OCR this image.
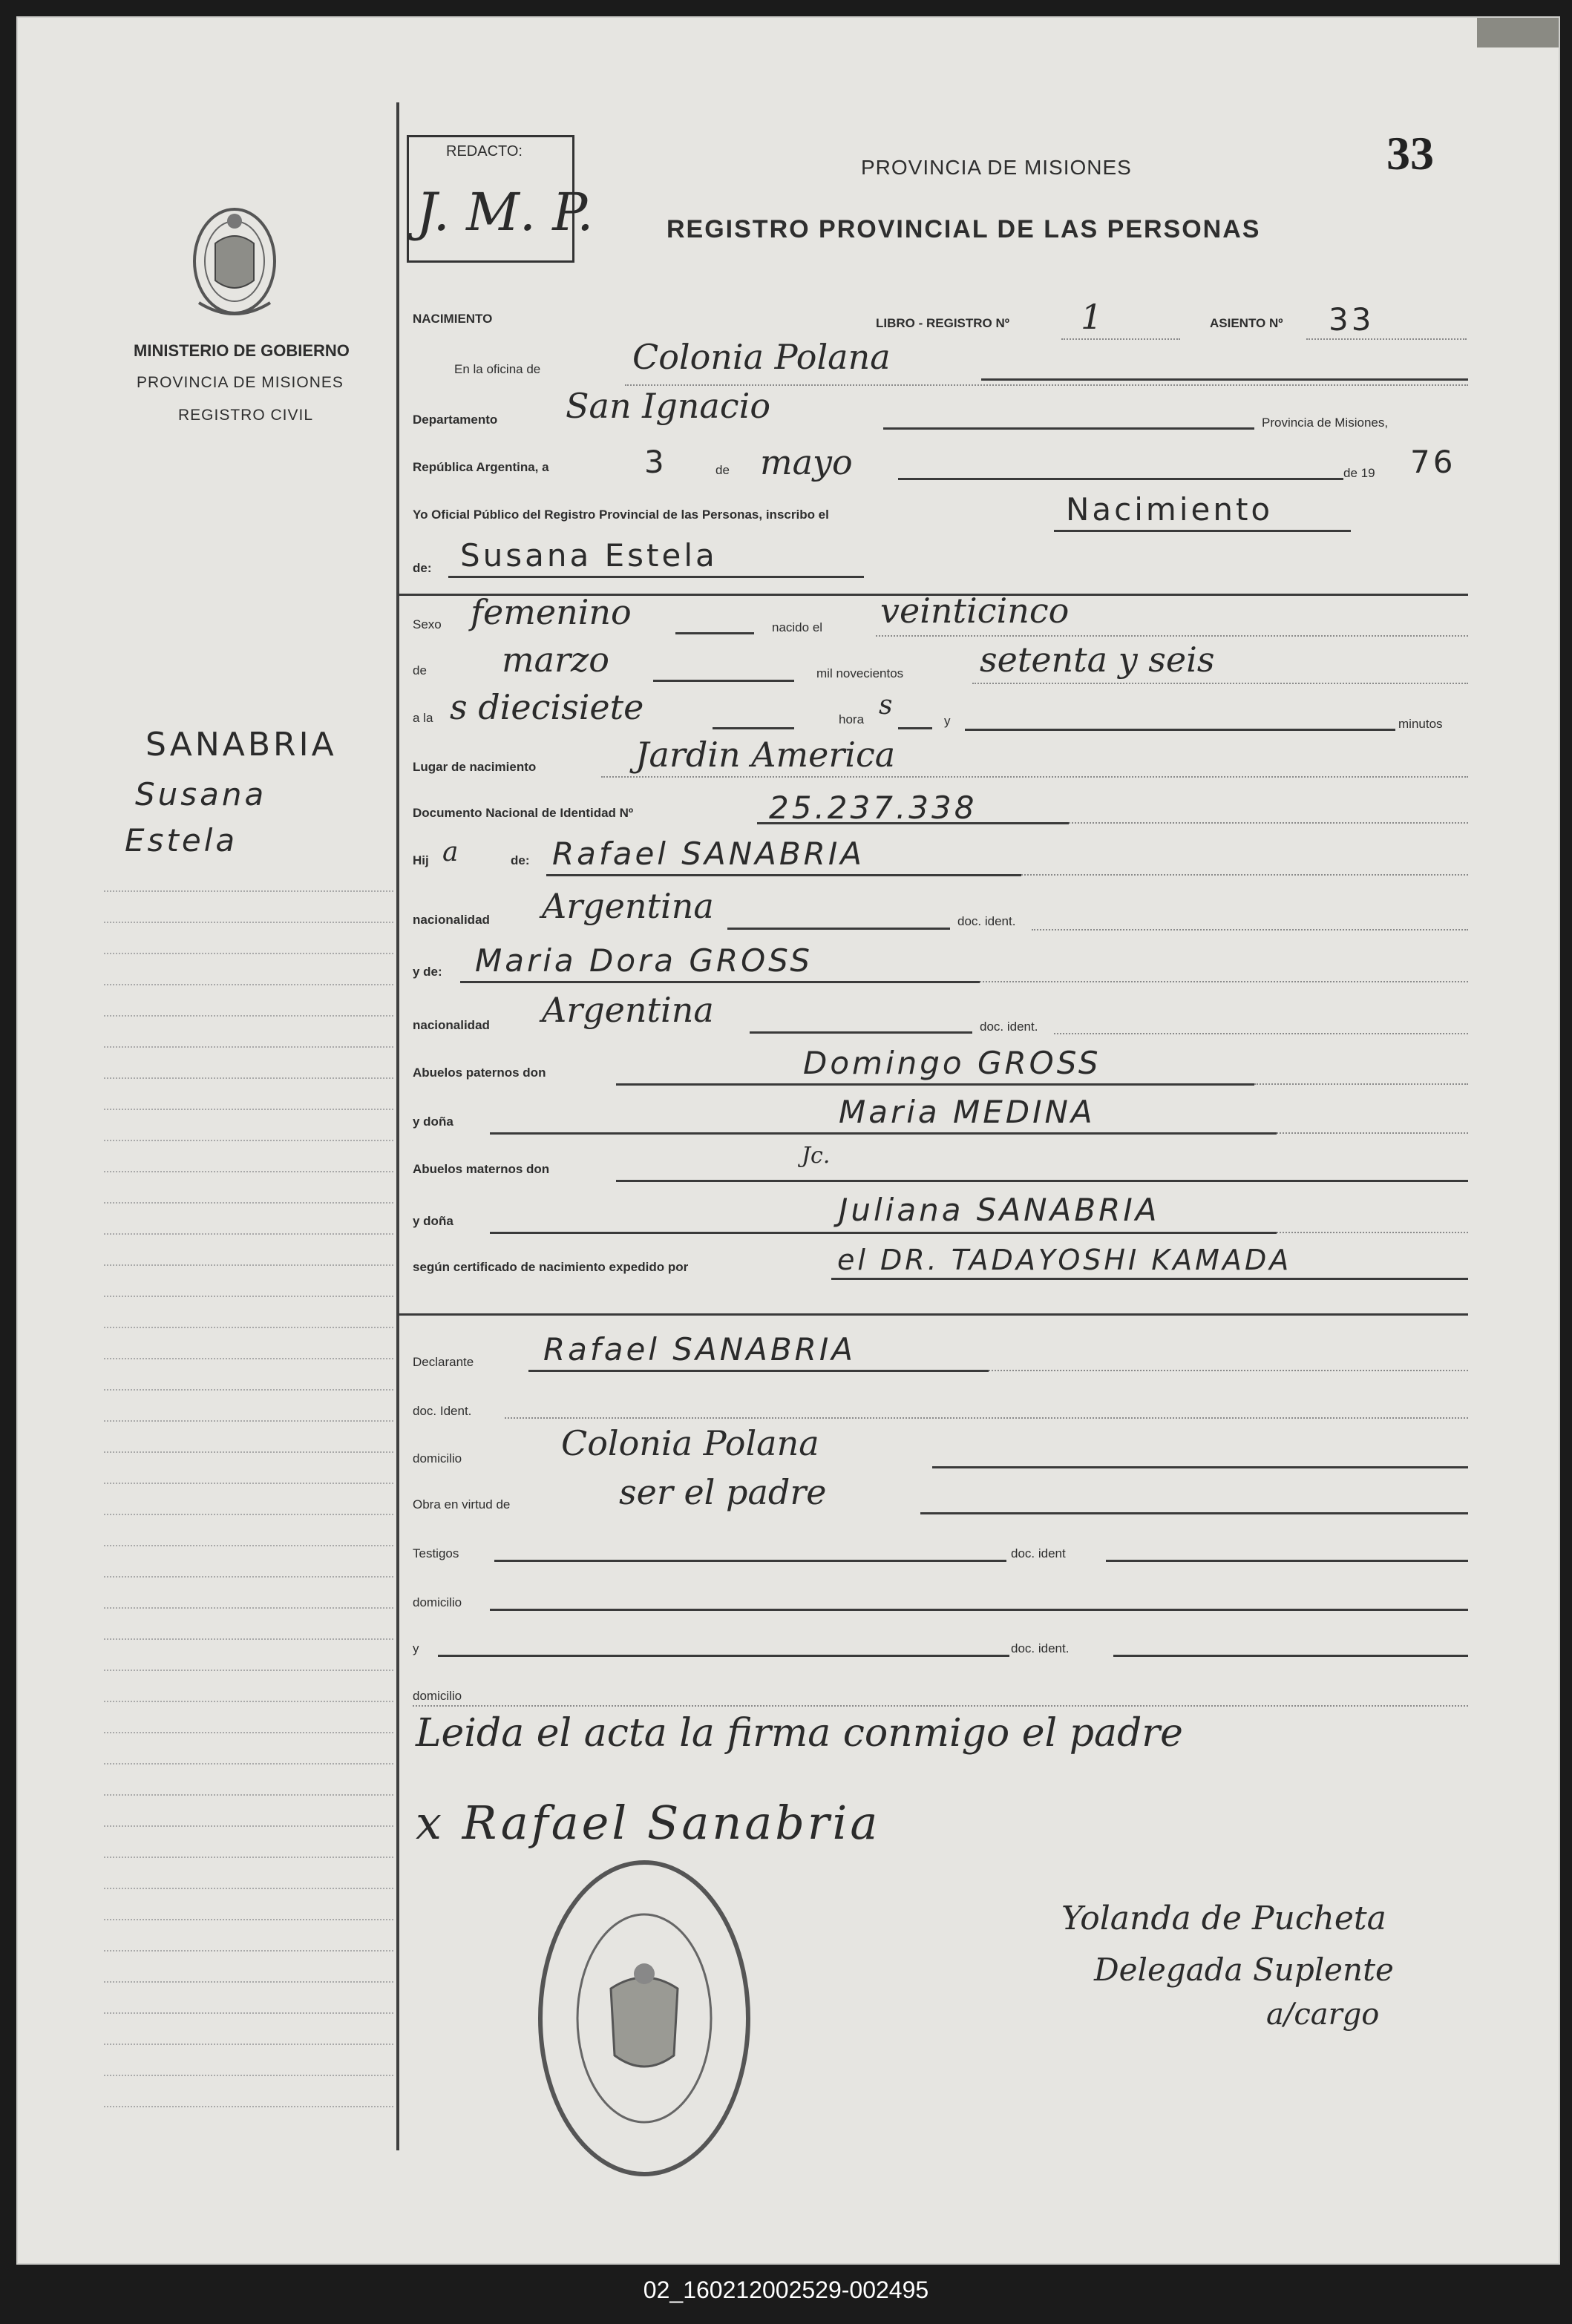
MINISTERIO DE GOBIERNO
PROVINCIA DE MISIONES
REGISTRO CIVIL
SANABRIA
Susana
Estela
REDACTO:
J. M. P.
PROVINCIA DE MISIONES
REGISTRO PROVINCIAL DE LAS PERSONAS
33
NACIMIENTO	LIBRO - REGISTRO Nº 1	ASIENTO Nº 33
En la oficina de	Colonia Polana
Departamento San Ignacio	Provincia de Misiones,
República Argentina, a	3	de mayo	de 19 76
Yo Oficial Público del Registro Provincial de las Personas, inscribo el	Nacimiento
de: Susana Estela
Sexo femenino	nacido el veinticinco
de marzo	mil novecientos setenta y seis
a la s diecisiete	hora s
y	minutos
Lugar de nacimiento	Jardin America
Documento Nacional de Identidad Nº	25.237.338
Hij a	de: Rafael SANABRIA
nacionalidad Argentina	doc. ident.
y de: Maria Dora GROSS
nacionalidad Argentina	doc. ident.
Abuelos paternos don	Domingo GROSS
y doña	Maria MEDINA
Abuelos maternos don
Jc.
y doña	Juliana SANABRIA
según certificado de nacimiento expedido por	el DR. TADAYOSHI KAMADA
Declarante Rafael SANABRIA
doc. Ident.
domicilio	Colonia Polana
Obra en virtud de	ser el padre
Testigos	doc. ident
domicilio
y	doc. ident.
domicilio
Leida el acta la firma conmigo el padre
x Rafael Sanabria
Yolanda de Pucheta
Delegada Suplente
a/cargo
02_160212002529-002495
